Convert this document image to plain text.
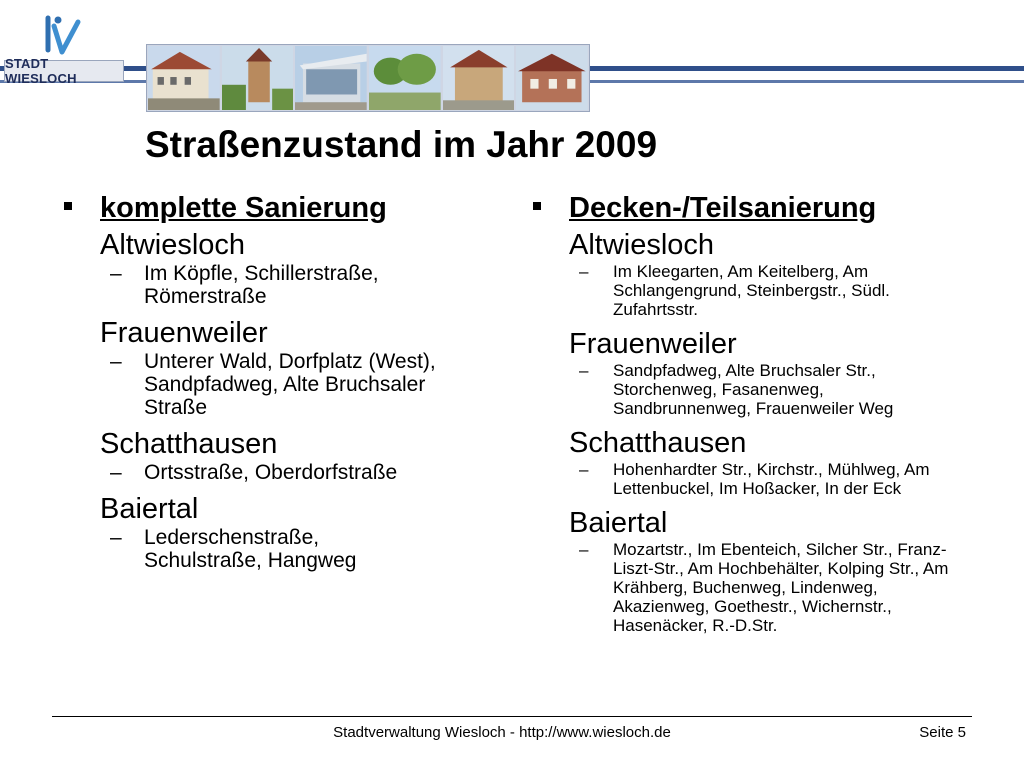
STADT WIESLOCH
Straßenzustand im Jahr 2009
komplette Sanierung
Altwiesloch
– Im Köpfle, Schillerstraße, Römerstraße
Frauenweiler
– Unterer Wald, Dorfplatz (West), Sandpfadweg, Alte Bruchsaler Straße
Schatthausen
– Ortsstraße, Oberdorfstraße
Baiertal
– Lederschenstraße, Schulstraße, Hangweg
Decken-/Teilsanierung
Altwiesloch
– Im Kleegarten, Am Keitelberg, Am Schlangengrund, Steinbergstr., Südl. Zufahrtsstr.
Frauenweiler
– Sandpfadweg, Alte Bruchsaler Str., Storchenweg, Fasanenweg, Sandbrunnenweg, Frauenweiler Weg
Schatthausen
– Hohenhardter Str., Kirchstr., Mühlweg, Am Lettenbuckel, Im Hoßacker, In der Eck
Baiertal
– Mozartstr., Im Ebenteich, Silcher Str., Franz-Liszt-Str., Am Hochbehälter, Kolping Str., Am Krähberg, Buchenweg, Lindenweg, Akazienweg, Goethestr., Wichernstr., Hasenäcker, R.-D.Str.
Stadtverwaltung Wiesloch - http://www.wiesloch.de	Seite 5
